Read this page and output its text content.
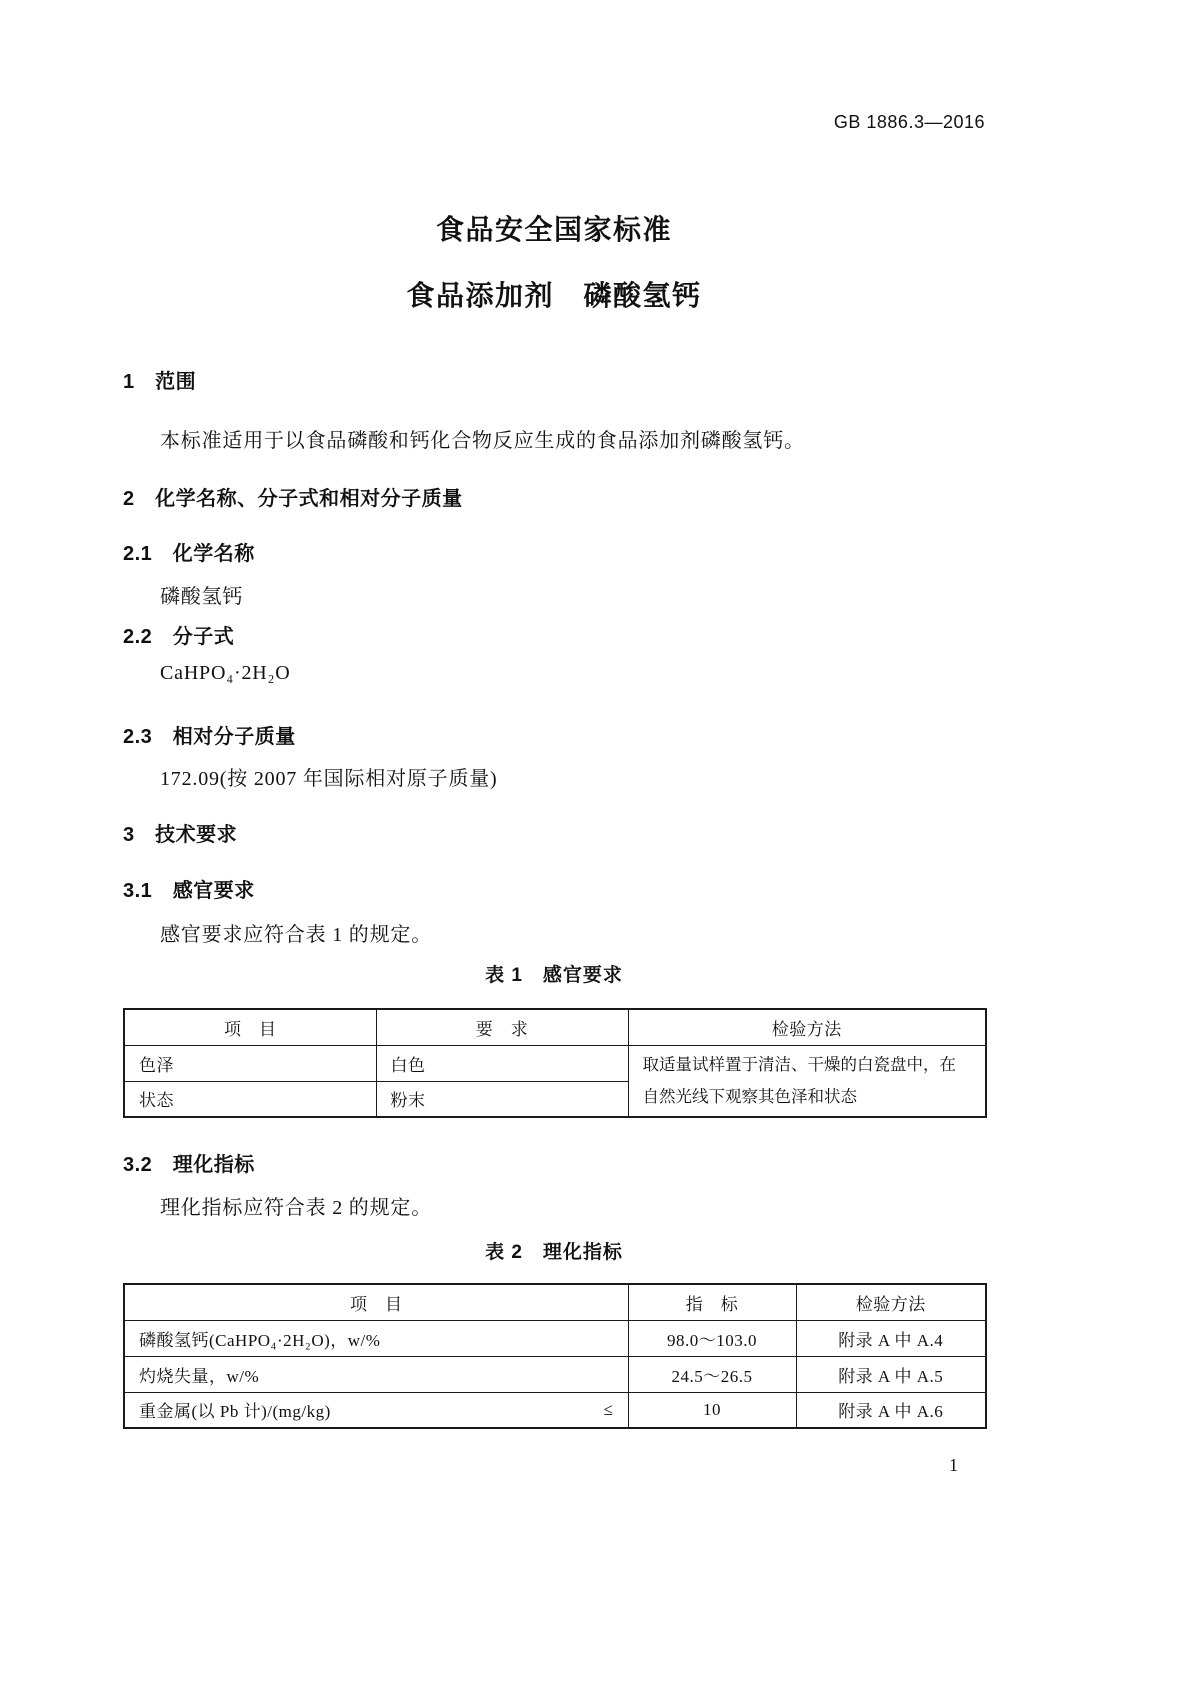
GB 1886.3—2016
食品安全国家标准
食品添加剂　磷酸氢钙
1　范围
本标准适用于以食品磷酸和钙化合物反应生成的食品添加剂磷酸氢钙。
2　化学名称、分子式和相对分子质量
2.1　化学名称
磷酸氢钙
2.2　分子式
CaHPO₄·2H₂O
2.3　相对分子质量
172.09(按 2007 年国际相对原子质量)
3　技术要求
3.1　感官要求
感官要求应符合表 1 的规定。
表 1　感官要求
项　目	要　求	检验方法
色泽	白色	取适量试样置于清洁、干燥的白瓷盘中，在自然光线下观察其色泽和状态
状态	粉末	
3.2　理化指标
理化指标应符合表 2 的规定。
表 2　理化指标
项　目	指　标	检验方法

磷酸氢钙(CaHPO₄·2H₂O)，w/%	98.0～103.0	附录 A 中 A.4

灼烧失量，w/%	24.5～26.5	附录 A 中 A.5

重金属(以 Pb 计)/(mg/kg) ≤	10	附录 A 中 A.6
1
